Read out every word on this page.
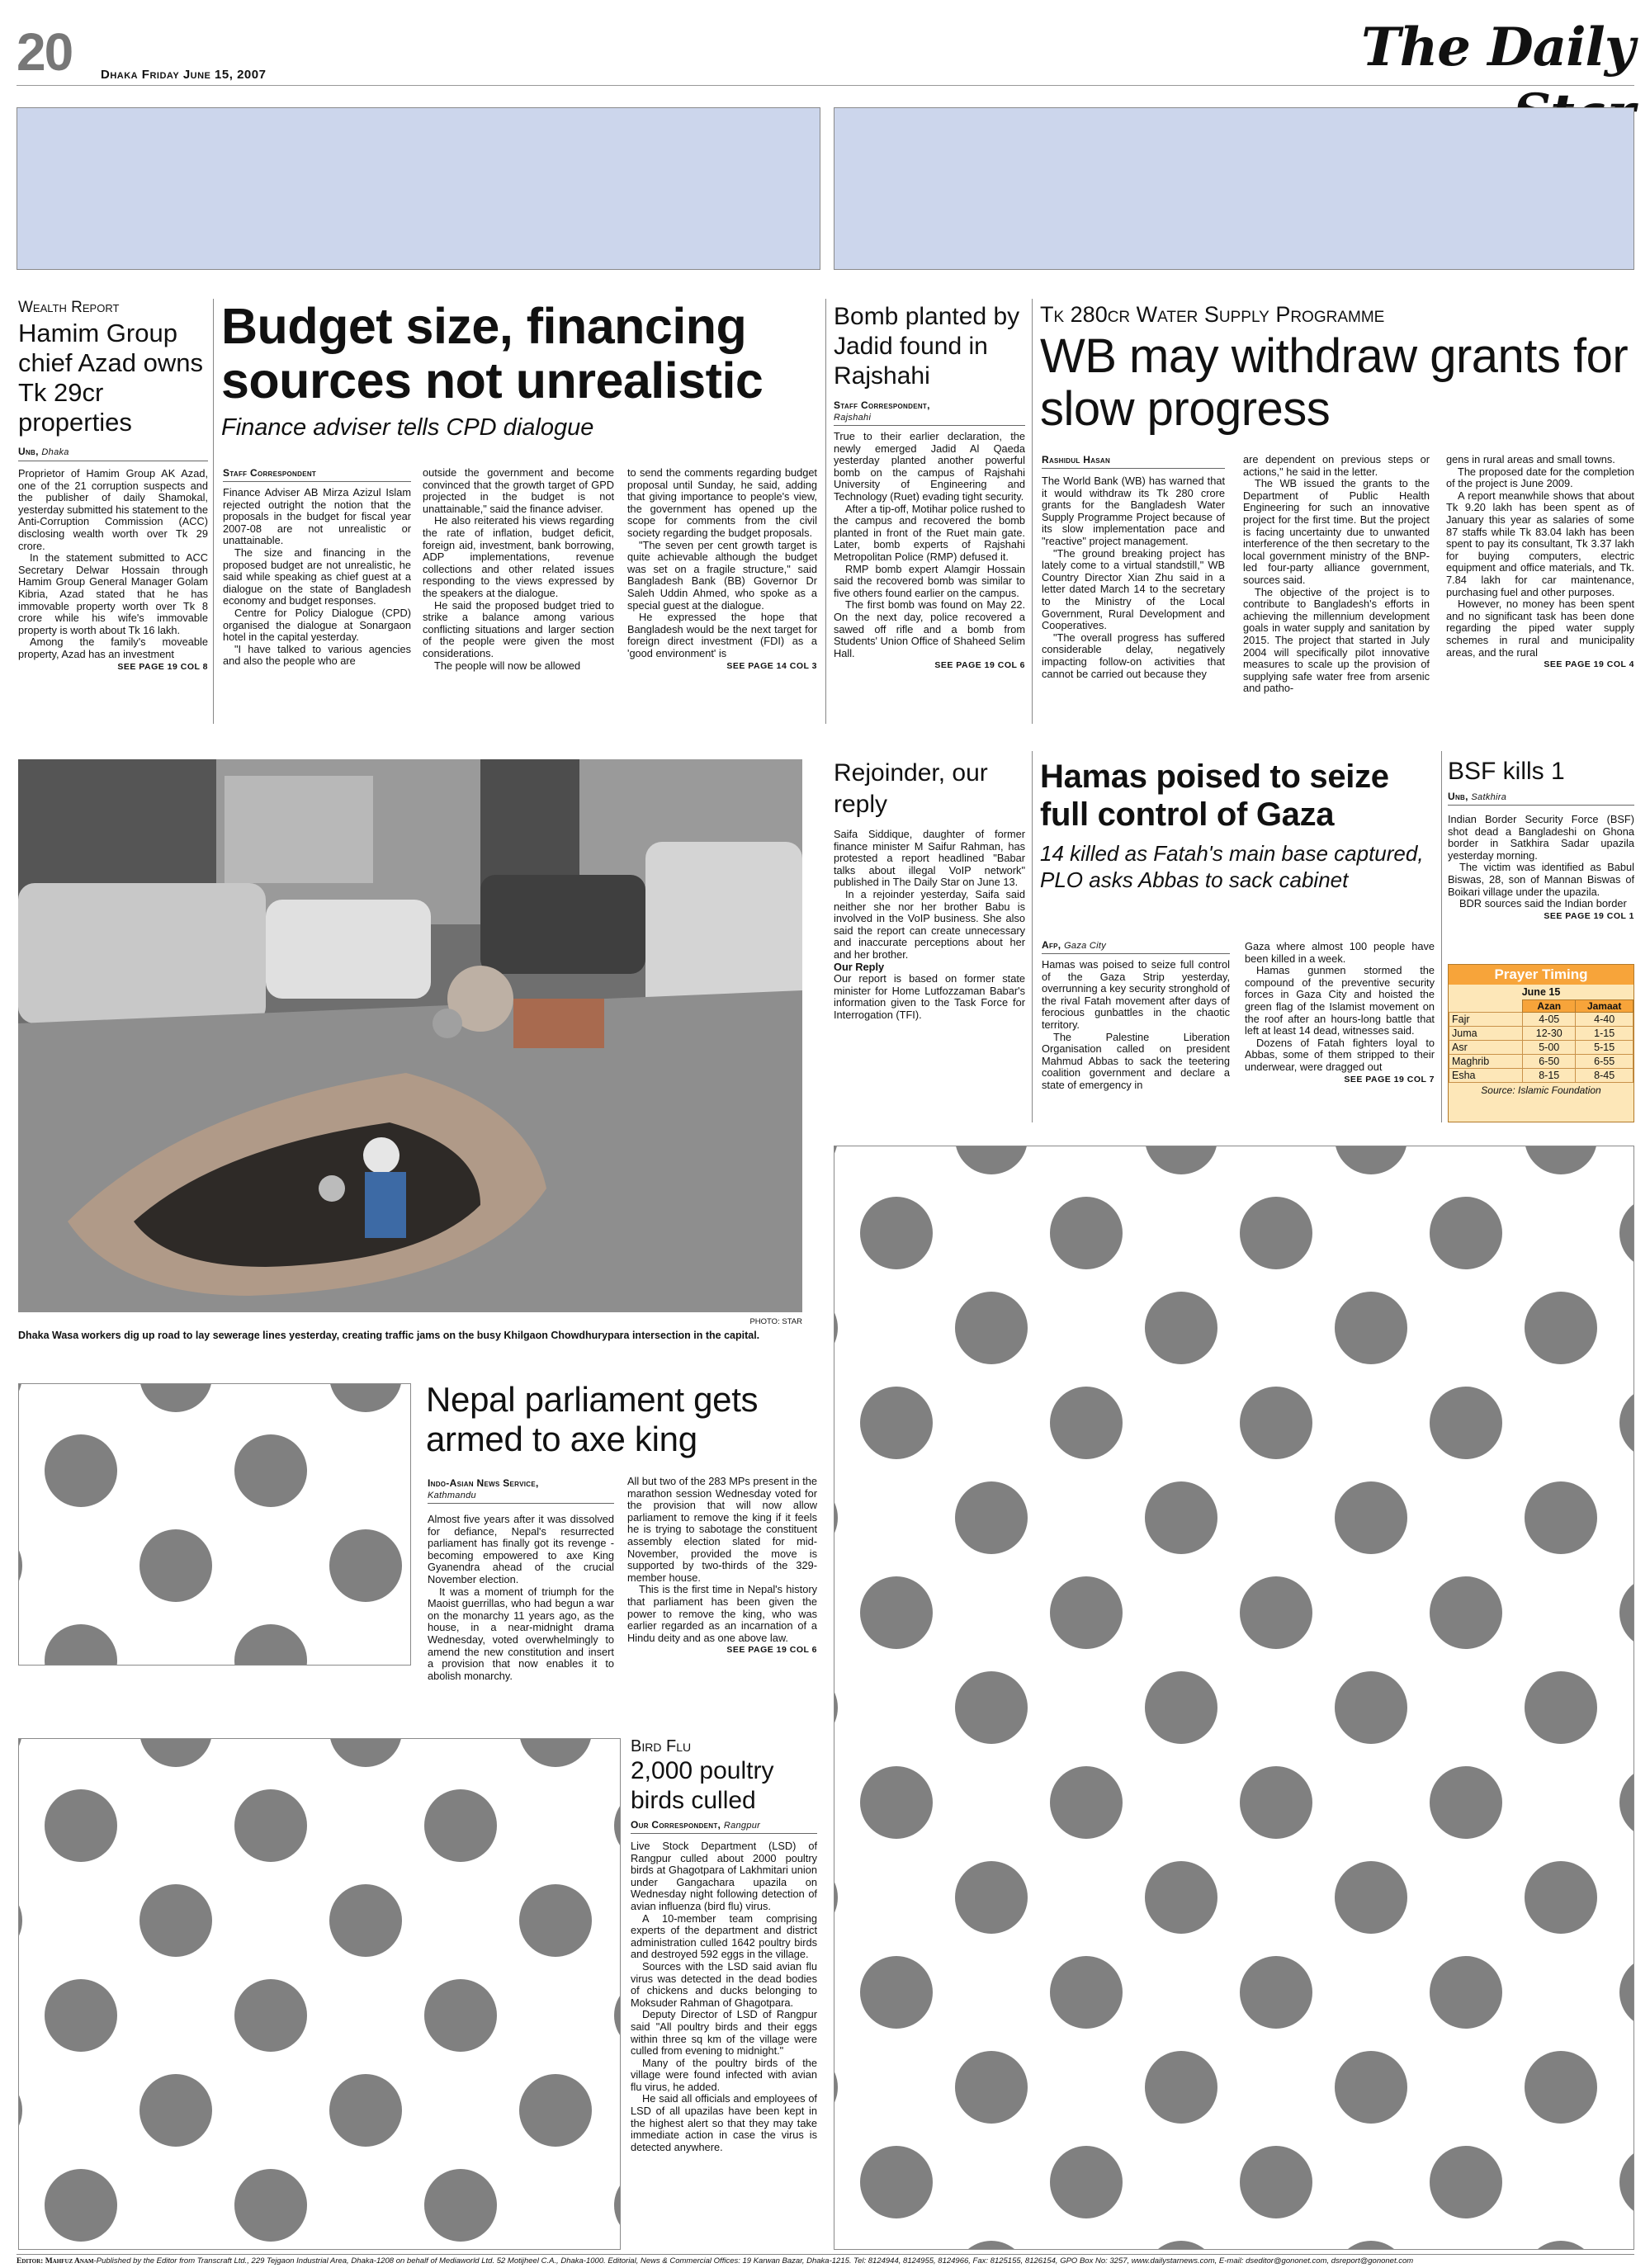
20 Dhaka Friday June 15, 2007	The Daily
Wealth Report
Hamim Group chief Azad owns Tk 29cr properties
Unb, Dhaka

Proprietor of Hamim Group AK Azad, one of the 21 corruption suspects and the publisher of daily Shamokal, yesterday submitted his statement to the Anti-Corruption Commission (ACC) disclosing wealth worth over Tk 29 crore.

In the statement submitted to ACC Secretary Delwar Hossain through Hamim Group General Manager Golam Kibria, Azad stated that he has immovable property worth over Tk 8 crore while his wife's immovable property is worth about Tk 16 lakh.

Among the family's moveable property, Azad has an investment

SEE PAGE 19 COL 8
Budget size, financing sources not unrealistic
Finance adviser tells CPD dialogue
Staff Correspondent

Finance Adviser AB Mirza Azizul Islam rejected outright the notion that the proposals in the budget for fiscal year 2007-08 are not unrealistic or unattainable.

The size and financing in the proposed budget are not unrealistic, he said while speaking as chief guest at a dialogue on the state of Bangladesh economy and budget responses.

Centre for Policy Dialogue (CPD) organised the dialogue at Sonargaon hotel in the capital yesterday.

"I have talked to various agencies and also the people who are

outside the government and become convinced that the growth target of GPD projected in the budget is not unattainable," said the finance adviser.

He also reiterated his views regarding the rate of inflation, budget deficit, foreign aid, investment, bank borrowing, ADP implementations, revenue collections and other related issues responding to the views expressed by the speakers at the dialogue.

He said the proposed budget tried to strike a balance among various conflicting situations and larger section of the people were given the most considerations.

The people will now be allowed

to send the comments regarding budget proposal until Sunday, he said, adding that giving importance to people's view, the government has opened up the scope for comments from the civil society regarding the budget proposals.

"The seven per cent growth target is quite achievable although the budget was set on a fragile structure," said Bangladesh Bank (BB) Governor Dr Saleh Uddin Ahmed, who spoke as a special guest at the dialogue.

He expressed the hope that Bangladesh would be the next target for foreign direct investment (FDI) as a 'good environment' is

SEE PAGE 14 COL 3
Bomb planted by Jadid found in Rajshahi
Staff Correspondent,
Rajshahi

True to their earlier declaration, the newly emerged Jadid Al Qaeda yesterday planted another powerful bomb on the campus of Rajshahi University of Engineering and Technology (Ruet) evading tight security.

After a tip-off, Motihar police rushed to the campus and recovered the bomb planted in front of the Ruet main gate. Later, bomb experts of Rajshahi Metropolitan Police (RMP) defused it.

RMP bomb expert Alamgir Hossain said the recovered bomb was similar to five others found earlier on the campus.

The first bomb was found on May 22. On the next day, police recovered a sawed off rifle and a bomb from Students' Union Office of Shaheed Selim Hall.

SEE PAGE 19 COL 6
Tk 280cr Water Supply Programme
WB may withdraw grants for slow progress
Rashidul Hasan

The World Bank (WB) has warned that it would withdraw its Tk 280 crore grants for the Bangladesh Water Supply Programme Project because of its slow implementation pace and "reactive" project management.

"The ground breaking project has lately come to a virtual standstill," WB Country Director Xian Zhu said in a letter dated March 14 to the secretary to the Ministry of the Local Government, Rural Development and Cooperatives.

"The overall progress has suffered considerable delay, negatively impacting follow-on activities that cannot be carried out because they

are dependent on previous steps or actions," he said in the letter.

The WB issued the grants to the Department of Public Health Engineering for such an innovative project for the first time. But the project is facing uncertainty due to unwanted interference of the then secretary to the local government ministry of the BNP-led four-party alliance government, sources said.

The objective of the project is to contribute to Bangladesh's efforts in achieving the millennium development goals in water supply and sanitation by 2015. The project that started in July 2004 will specifically pilot innovative measures to scale up the provision of supplying safe water free from arsenic and patho-

gens in rural areas and small towns.

The proposed date for the completion of the project is June 2009.

A report meanwhile shows that about Tk 9.20 lakh has been spent as of January this year as salaries of some 87 staffs while Tk 83.04 lakh has been spent to pay its consultant, Tk 3.37 lakh for buying computers, electric equipment and office materials, and Tk. 7.84 lakh for car maintenance, purchasing fuel and other purposes.

However, no money has been spent and no significant task has been done regarding the piped water supply schemes in rural and municipality areas, and the rural

SEE PAGE 19 COL 4
PHOTO: STAR
Dhaka Wasa workers dig up road to lay sewerage lines yesterday, creating traffic jams on the busy Khilgaon Chowdhurypara intersection in the capital.
Rejoinder, our reply

Saifa Siddique, daughter of former finance minister M Saifur Rahman, has protested a report headlined "Babar talks about illegal VoIP network" published in The Daily Star on June 13.

In a rejoinder yesterday, Saifa said neither she nor her brother Babu is involved in the VoIP business. She also said the report can create unnecessary and inaccurate perceptions about her and her brother.

Our Reply

Our report is based on former state minister for Home Lutfozzaman Babar's information given to the Task Force for Interrogation (TFI).

Hamas poised to seize full control of Gaza
14 killed as Fatah's main base captured, PLO asks Abbas to sack cabinet
Afp, Gaza City

Hamas was poised to seize full control of the Gaza Strip yesterday, overrunning a key security stronghold of the rival Fatah movement after days of ferocious gunbattles in the chaotic territory.

The Palestine Liberation Organisation called on president Mahmud Abbas to sack the teetering coalition government and declare a state of emergency in

Gaza where almost 100 people have been killed in a week.

Hamas gunmen stormed the compound of the preventive security forces in Gaza City and hoisted the green flag of the Islamist movement on the roof after an hours-long battle that left at least 14 dead, witnesses said.

Dozens of Fatah fighters loyal to Abbas, some of them stripped to their underwear, were dragged out

SEE PAGE 19 COL 7
BSF kills 1
Unb, Satkhira

Indian Border Security Force (BSF) shot dead a Bangladeshi on Ghona border in Satkhira Sadar upazila yesterday morning.

The victim was identified as Babul Biswas, 28, son of Mannan Biswas of Boikari village under the upazila.

BDR sources said the Indian border

SEE PAGE 19 COL 1
Prayer Timing
June 15
	Azan	Jamaat
Fajr	4-05	4-40
Juma	12-30	1-15
Asr	5-00	5-15
Maghrib	6-50	6-55
Esha	8-15	8-45
Source: Islamic Foundation
Nepal parliament gets armed to axe king
Indo-Asian News Service,
Kathmandu

Almost five years after it was dissolved for defiance, Nepal's resurrected parliament has finally got its revenge - becoming empowered to axe King Gyanendra ahead of the crucial November election.

It was a moment of triumph for the Maoist guerrillas, who had begun a war on the monarchy 11 years ago, as the house, in a near-midnight drama Wednesday, voted overwhelmingly to amend the new constitution and insert a provision that now enables it to abolish monarchy.

All but two of the 283 MPs present in the marathon session Wednesday voted for the provision that will now allow parliament to remove the king if it feels he is trying to sabotage the constituent assembly election slated for mid-November, provided the move is supported by two-thirds of the 329-member house.

This is the first time in Nepal's history that parliament has been given the power to remove the king, who was earlier regarded as an incarnation of a Hindu deity and as one above law.

SEE PAGE 19 COL 6
Bird Flu
2,000 poultry birds culled
Our Correspondent, Rangpur

Live Stock Department (LSD) of Rangpur culled about 2000 poultry birds at Ghagotpara of Lakhmitari union under Gangachara upazila on Wednesday night following detection of avian influenza (bird flu) virus.

A 10-member team comprising experts of the department and district administration culled 1642 poultry birds and destroyed 592 eggs in the village.

Sources with the LSD said avian flu virus was detected in the dead bodies of chickens and ducks belonging to Moksuder Rahman of Ghagotpara.

Deputy Director of LSD of Rangpur said "All poultry birds and their eggs within three sq km of the village were culled from evening to midnight."

Many of the poultry birds of the village were found infected with avian flu virus, he added.

He said all officials and employees of LSD of all upazilas have been kept in the highest alert so that they may take immediate action in case the virus is detected anywhere.

Editor: Mahfuz Anam-Published by the Editor from Transcraft Ltd., 229 Tejgaon Industrial Area, Dhaka-1208 on behalf of Mediaworld Ltd. 52 Motijheel C.A., Dhaka-1000. Editorial, News & Commercial Offices: 19 Karwan Bazar, Dhaka-1215. Tel: 8124944, 8124955, 8124966, Fax: 8125155, 8126154, GPO Box No: 3257, www.dailystarnews.com, E-mail: dseditor@gononet.com, dsreport@gononet.com
